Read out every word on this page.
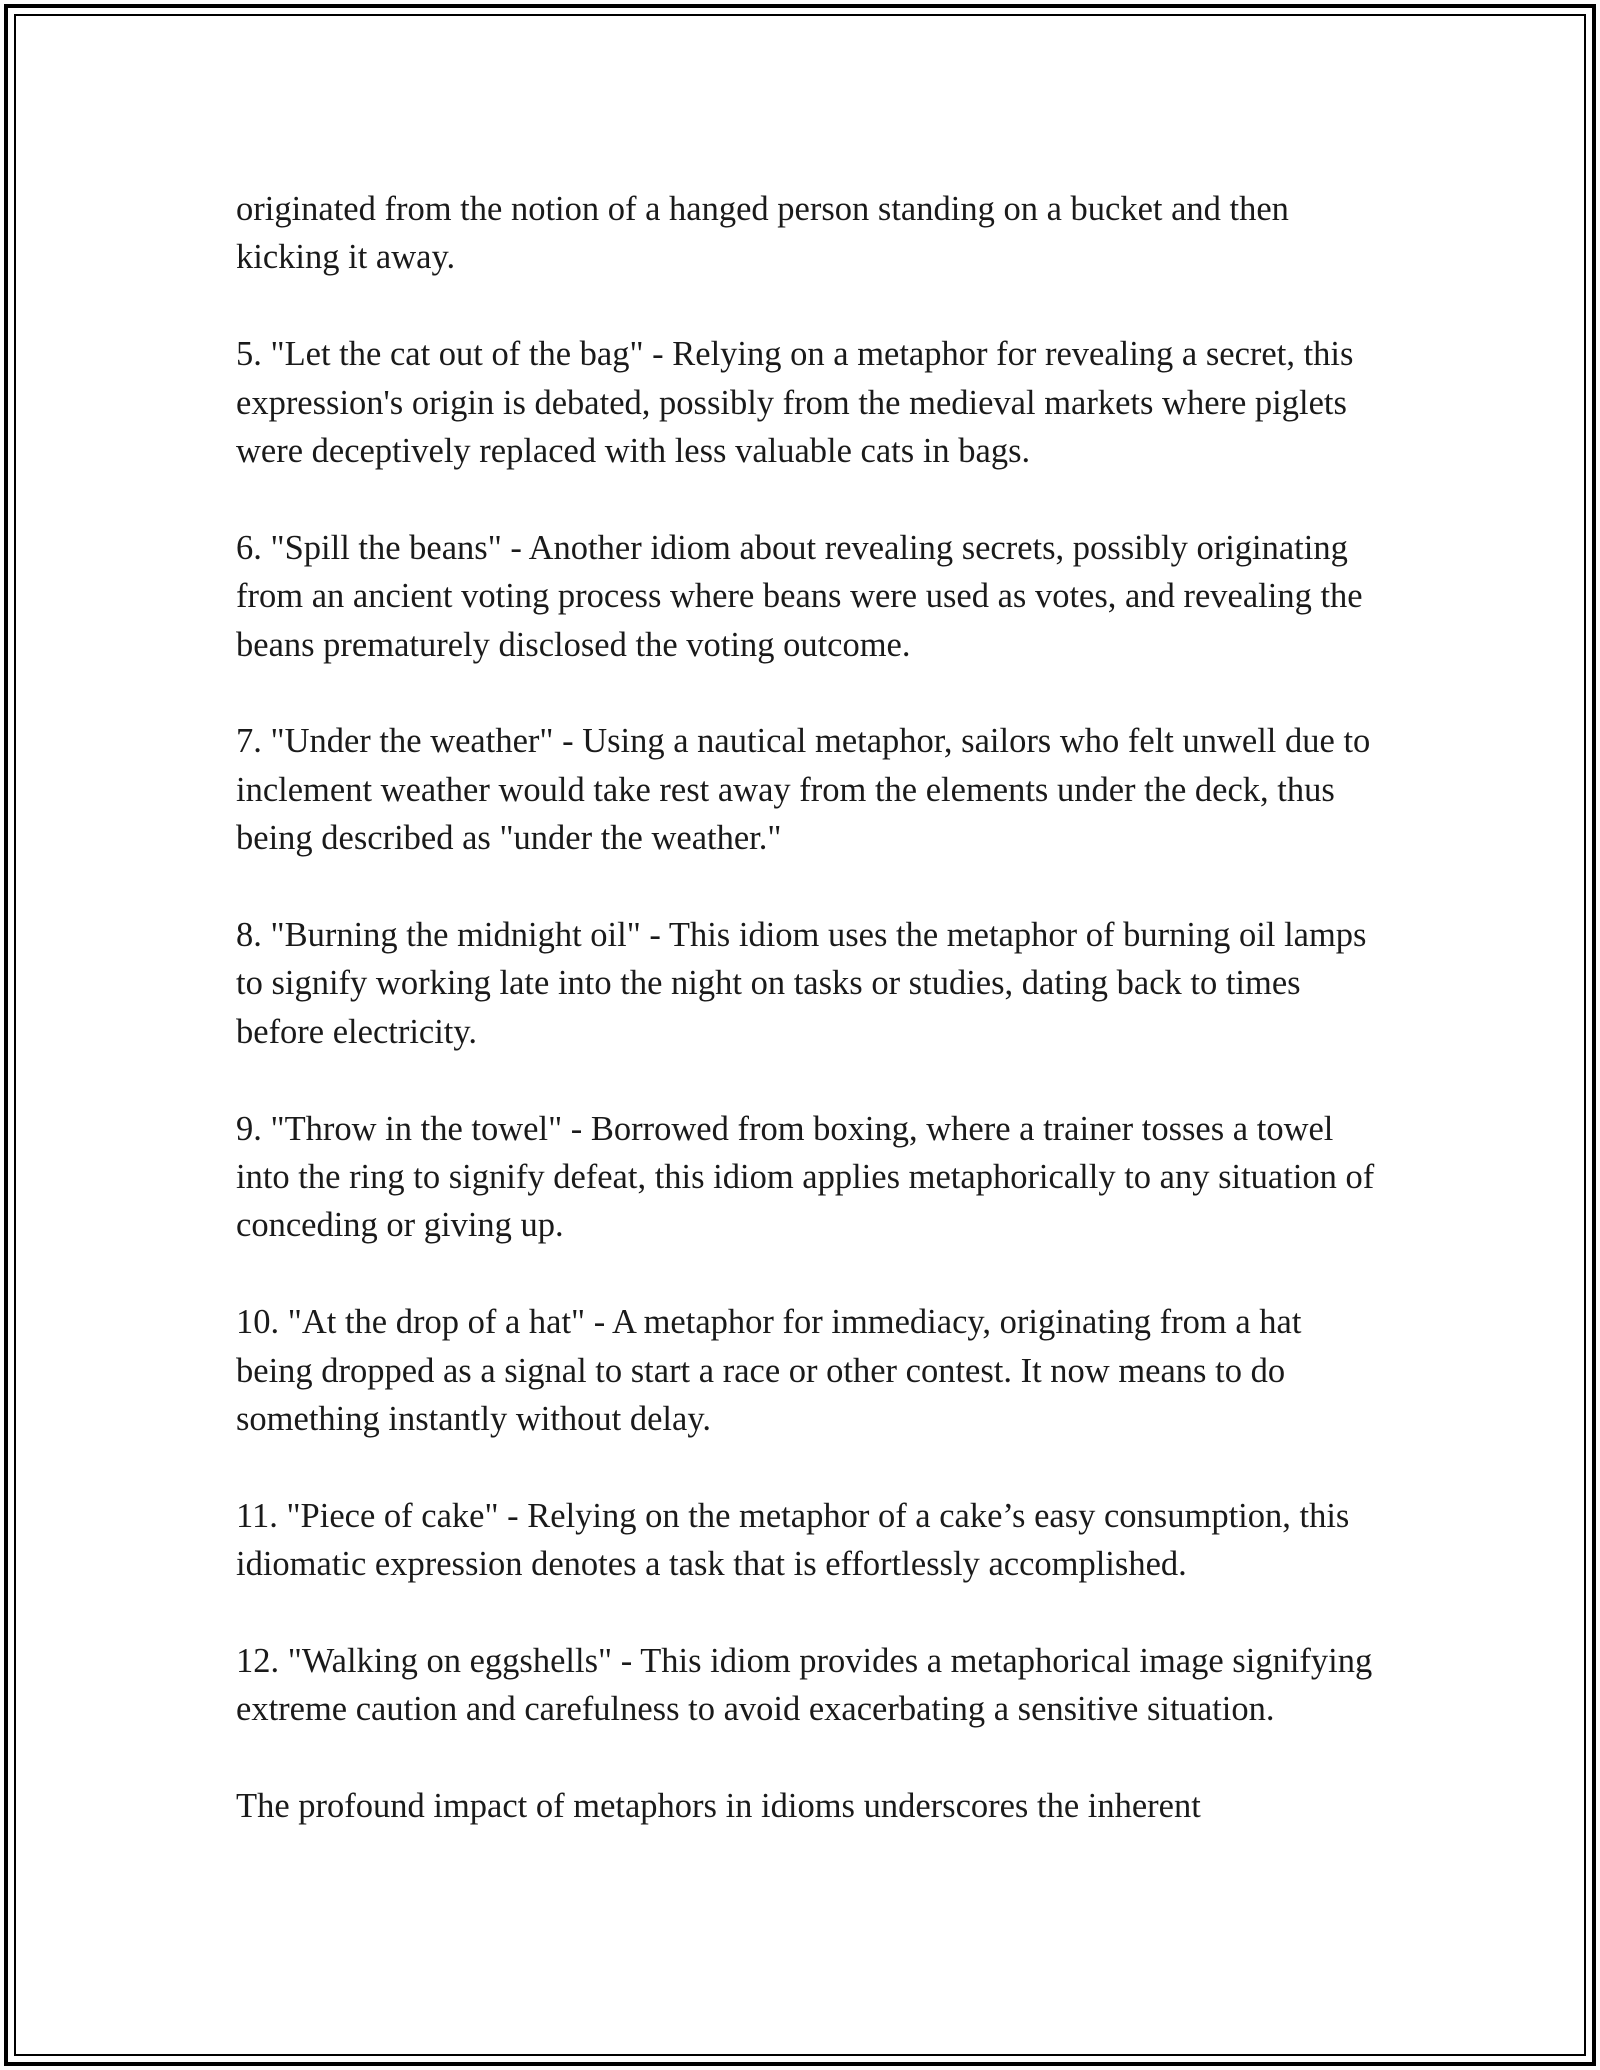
originated from the notion of a hanged person standing on a bucket and then kicking it away.

5. "Let the cat out of the bag" - Relying on a metaphor for revealing a secret, this expression's origin is debated, possibly from the medieval markets where piglets were deceptively replaced with less valuable cats in bags.

6. "Spill the beans" - Another idiom about revealing secrets, possibly originating from an ancient voting process where beans were used as votes, and revealing the beans prematurely disclosed the voting outcome.

7. "Under the weather" - Using a nautical metaphor, sailors who felt unwell due to inclement weather would take rest away from the elements under the deck, thus being described as "under the weather."

8. "Burning the midnight oil" - This idiom uses the metaphor of burning oil lamps to signify working late into the night on tasks or studies, dating back to times before electricity.

9. "Throw in the towel" - Borrowed from boxing, where a trainer tosses a towel into the ring to signify defeat, this idiom applies metaphorically to any situation of conceding or giving up.

10. "At the drop of a hat" - A metaphor for immediacy, originating from a hat being dropped as a signal to start a race or other contest. It now means to do something instantly without delay.

11. "Piece of cake" - Relying on the metaphor of a cake’s easy consumption, this idiomatic expression denotes a task that is effortlessly accomplished.

12. "Walking on eggshells" - This idiom provides a metaphorical image signifying extreme caution and carefulness to avoid exacerbating a sensitive situation.

The profound impact of metaphors in idioms underscores the inherent
